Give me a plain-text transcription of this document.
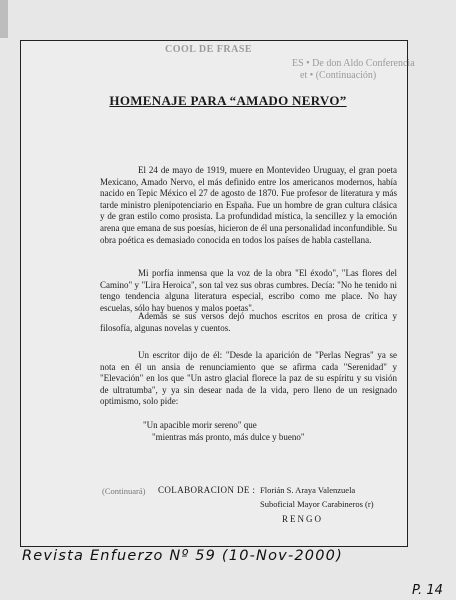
COOL DE FRASE
ES • De don Aldo Conferencia
et • (Continuación)
HOMENAJE PARA “AMADO NERVO”
El 24 de mayo de 1919, muere en Montevideo Uruguay, el gran poeta Mexicano, Amado Nervo, el más definido entre los americanos modernos, había nacido en Tepic México el 27 de agosto de 1870. Fue profesor de literatura y más tarde ministro plenipotenciario en España. Fue un hombre de gran cultura clásica y de gran estilo como prosista. La profundidad mística, la sencillez y la emoción arena que emana de sus poesías, hicieron de él una personalidad inconfundible. Su obra poética es demasiado conocida en todos los países de habla castellana.
Mi porfía inmensa que la voz de la obra "El éxodo", "Las flores del Camino" y "Lira Heroica", son tal vez sus obras cumbres. Decía: "No he tenido ni tengo tendencia alguna literatura especial, escribo como me place. No hay escuelas, sólo hay buenos y malos poetas".
Además se sus versos dejó muchos escritos en prosa de crítica y filosofía, algunas novelas y cuentos.
Un escritor dijo de él: "Desde la aparición de "Perlas Negras" ya se nota en él un ansia de renunciamiento que se afirma cada "Serenidad" y "Elevación" en los que "Un astro glacial florece la paz de su espíritu y su visión de ultratumba", y ya sin desear nada de la vida, pero lleno de un resignado optimismo, solo pide:
"Un apacible morir sereno" que
"mientras más pronto, más dulce y bueno"
(Continuará) COLABORACION DE : Florián S. Araya Valenzuela
Suboficial Mayor Carabineros (r)
RENGO
Revista Enfuerzo Nº 59 (10-Nov-2000)
P. 14
